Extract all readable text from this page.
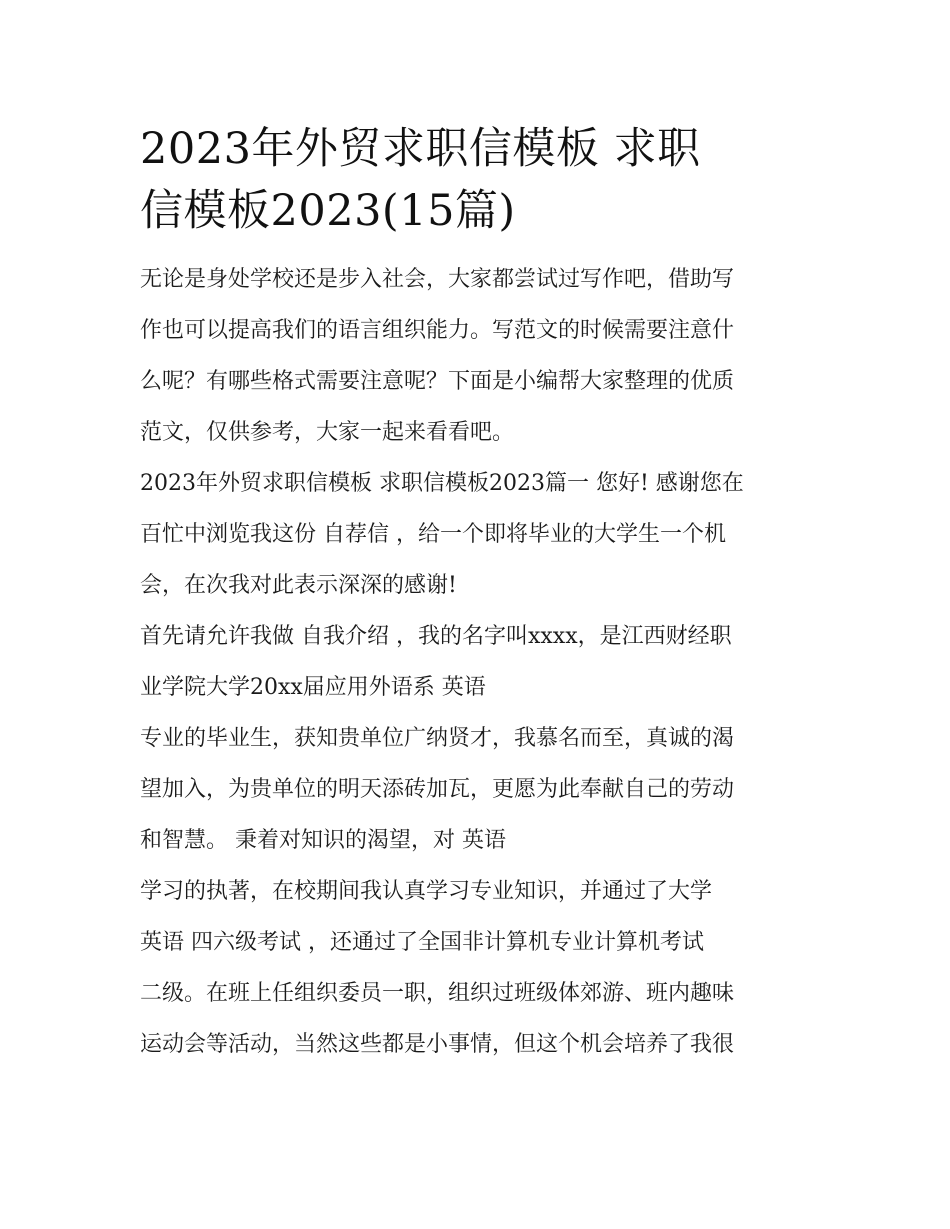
2023年外贸求职信模板 求职
信模板2023(15篇)

无论是身处学校还是步入社会，大家都尝试过写作吧，借助写
作也可以提高我们的语言组织能力。写范文的时候需要注意什
么呢？有哪些格式需要注意呢？下面是小编帮大家整理的优质
范文，仅供参考，大家一起来看看吧。

2023年外贸求职信模板 求职信模板2023篇一 您好! 感谢您在
百忙中浏览我这份 自荐信 ，给一个即将毕业的大学生一个机
会，在次我对此表示深深的感谢!

首先请允许我做 自我介绍 ，我的名字叫xxxx，是江西财经职
业学院大学20xx届应用外语系 英语

专业的毕业生，获知贵单位广纳贤才，我慕名而至，真诚的渴
望加入，为贵单位的明天添砖加瓦，更愿为此奉献自己的劳动
和智慧。 秉着对知识的渴望，对 英语

学习的执著，在校期间我认真学习专业知识，并通过了大学
英语 四六级考试 ，还通过了全国非计算机专业计算机考试
二级。在班上任组织委员一职，组织过班级体郊游、班内趣味
运动会等活动，当然这些都是小事情，但这个机会培养了我很
